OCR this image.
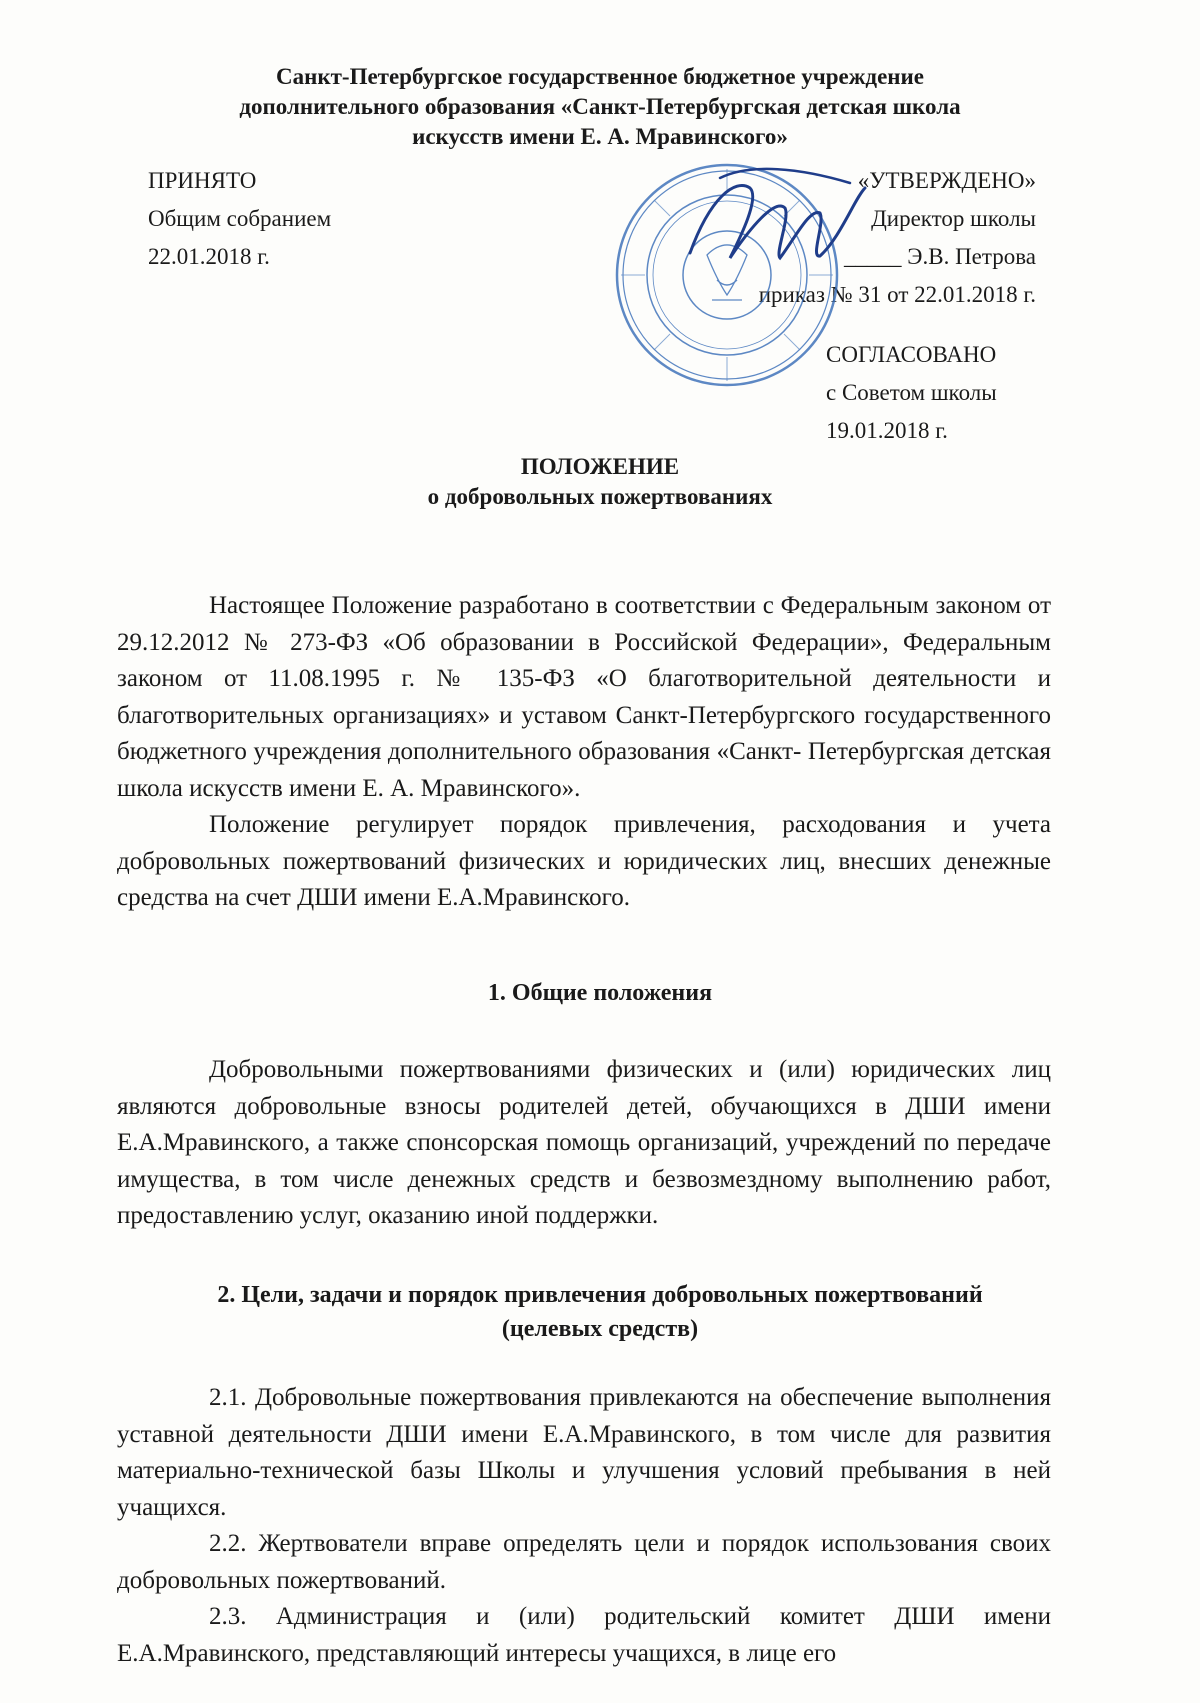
Санкт-Петербургское государственное бюджетное учреждение
дополнительного образования «Санкт-Петербургская детская школа
искусств имени Е. А. Мравинского»
ПРИНЯТО
Общим собранием
22.01.2018 г.
«УТВЕРЖДЕНО»
Директор школы
_____ Э.В. Петрова
приказ № 31 от 22.01.2018 г.
СОГЛАСОВАНО
с Советом школы
19.01.2018 г.
ПОЛОЖЕНИЕ
о добровольных пожертвованиях

Настоящее Положение разработано в соответствии с Федеральным законом от 29.12.2012 № 273-ФЗ «Об образовании в Российской Федерации», Федеральным законом от 11.08.1995 г. № 135-ФЗ «О благотворительной деятельности и благотворительных организациях» и уставом Санкт-Петербургского государственного бюджетного учреждения дополнительного образования «Санкт- Петербургская детская школа искусств имени Е. А. Мравинского».

Положение регулирует порядок привлечения, расходования и учета добровольных пожертвований физических и юридических лиц, внесших денежные средства на счет ДШИ имени Е.А.Мравинского.

1. Общие положения

Добровольными пожертвованиями физических и (или) юридических лиц являются добровольные взносы родителей детей, обучающихся в ДШИ имени Е.А.Мравинского, а также спонсорская помощь организаций, учреждений по передаче имущества, в том числе денежных средств и безвозмездному выполнению работ, предоставлению услуг, оказанию иной поддержки.

2. Цели, задачи и порядок привлечения добровольных пожертвований
(целевых средств)

2.1. Добровольные пожертвования привлекаются на обеспечение выполнения уставной деятельности ДШИ имени Е.А.Мравинского, в том числе для развития материально-технической базы Школы и улучшения условий пребывания в ней учащихся.

2.2. Жертвователи вправе определять цели и порядок использования своих добровольных пожертвований.

2.3. Администрация и (или) родительский комитет ДШИ имени Е.А.Мравинского, представляющий интересы учащихся, в лице его
